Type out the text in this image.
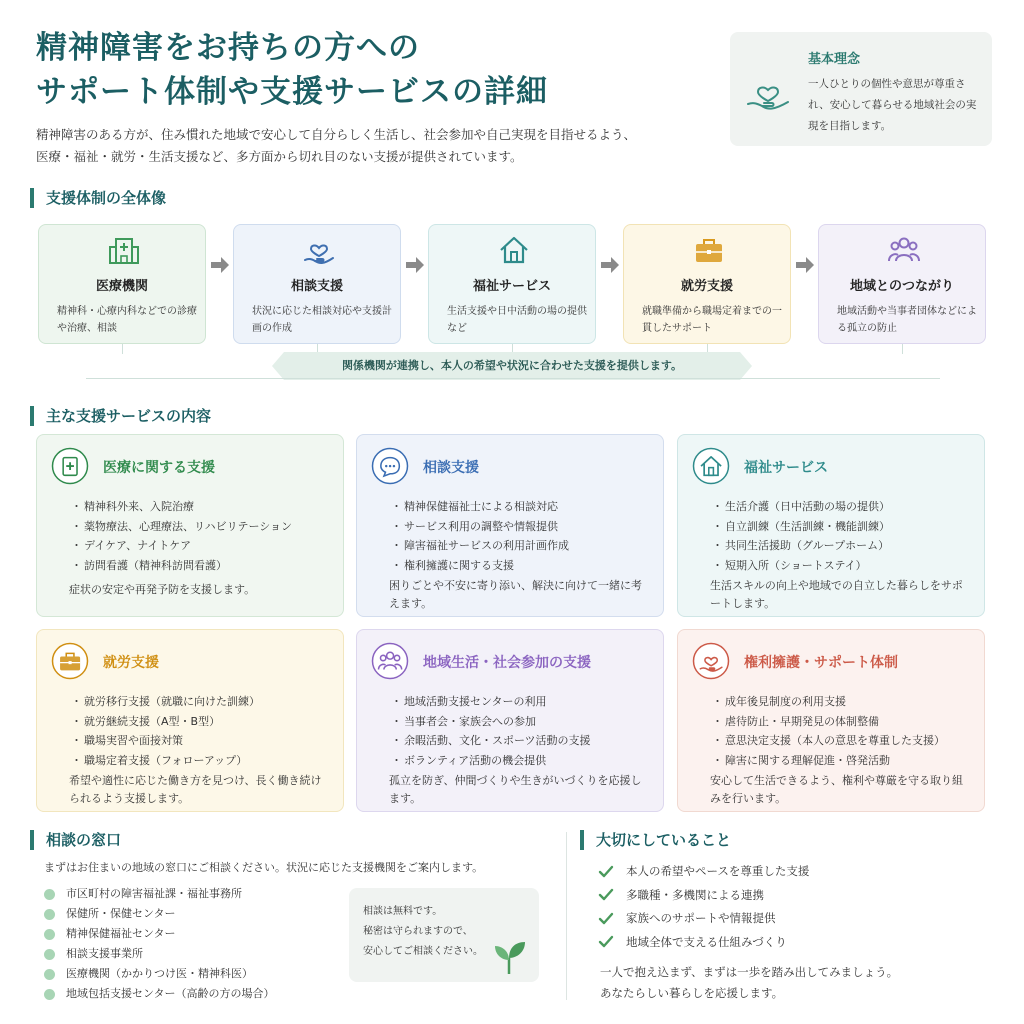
精神障害をお持ちの方への
サポート体制や支援サービスの詳細
精神障害のある方が、住み慣れた地域で安心して自分らしく生活し、社会参加や自己実現を目指せるよう、
医療・福祉・就労・生活支援など、多方面から切れ目のない支援が提供されています。
基本理念
一人ひとりの個性や意思が尊重され、安心して暮らせる地域社会の実現を目指します。
支援体制の全体像
医療機関
精神科・心療内科などでの診療や治療、相談
相談支援
状況に応じた相談対応や支援計画の作成
福祉サービス
生活支援や日中活動の場の提供など
就労支援
就職準備から職場定着までの一貫したサポート
地域とのつながり
地域活動や当事者団体などによる孤立の防止
関係機関が連携し、本人の希望や状況に合わせた支援を提供します。
主な支援サービスの内容
医療に関する支援
・ 精神科外来、入院治療
・ 薬物療法、心理療法、リハビリテーション
・ デイケア、ナイトケア
・ 訪問看護（精神科訪問看護）
症状の安定や再発予防を支援します。
相談支援
・ 精神保健福祉士による相談対応
・ サービス利用の調整や情報提供
・ 障害福祉サービスの利用計画作成
・ 権利擁護に関する支援
困りごとや不安に寄り添い、解決に向けて一緒に考えます。
福祉サービス
・ 生活介護（日中活動の場の提供）
・ 自立訓練（生活訓練・機能訓練）
・ 共同生活援助（グループホーム）
・ 短期入所（ショートステイ）
生活スキルの向上や地域での自立した暮らしをサポートします。
就労支援
・ 就労移行支援（就職に向けた訓練）
・ 就労継続支援（A型・B型）
・ 職場実習や面接対策
・ 職場定着支援（フォローアップ）
希望や適性に応じた働き方を見つけ、長く働き続けられるよう支援します。
地域生活・社会参加の支援
・ 地域活動支援センターの利用
・ 当事者会・家族会への参加
・ 余暇活動、文化・スポーツ活動の支援
・ ボランティア活動の機会提供
孤立を防ぎ、仲間づくりや生きがいづくりを応援します。
権利擁護・サポート体制
・ 成年後見制度の利用支援
・ 虐待防止・早期発見の体制整備
・ 意思決定支援（本人の意思を尊重した支援）
・ 障害に関する理解促進・啓発活動
安心して生活できるよう、権利や尊厳を守る取り組みを行います。
相談の窓口
まずはお住まいの地域の窓口にご相談ください。状況に応じた支援機関をご案内します。
市区町村の障害福祉課・福祉事務所
保健所・保健センター
精神保健福祉センター
相談支援事業所
医療機関（かかりつけ医・精神科医）
地域包括支援センター（高齢の方の場合）
相談は無料です。
秘密は守られますので、
安心してご相談ください。
大切にしていること
本人の希望やペースを尊重した支援
多職種・多機関による連携
家族へのサポートや情報提供
地域全体で支える仕組みづくり
一人で抱え込まず、まずは一歩を踏み出してみましょう。
あなたらしい暮らしを応援します。
